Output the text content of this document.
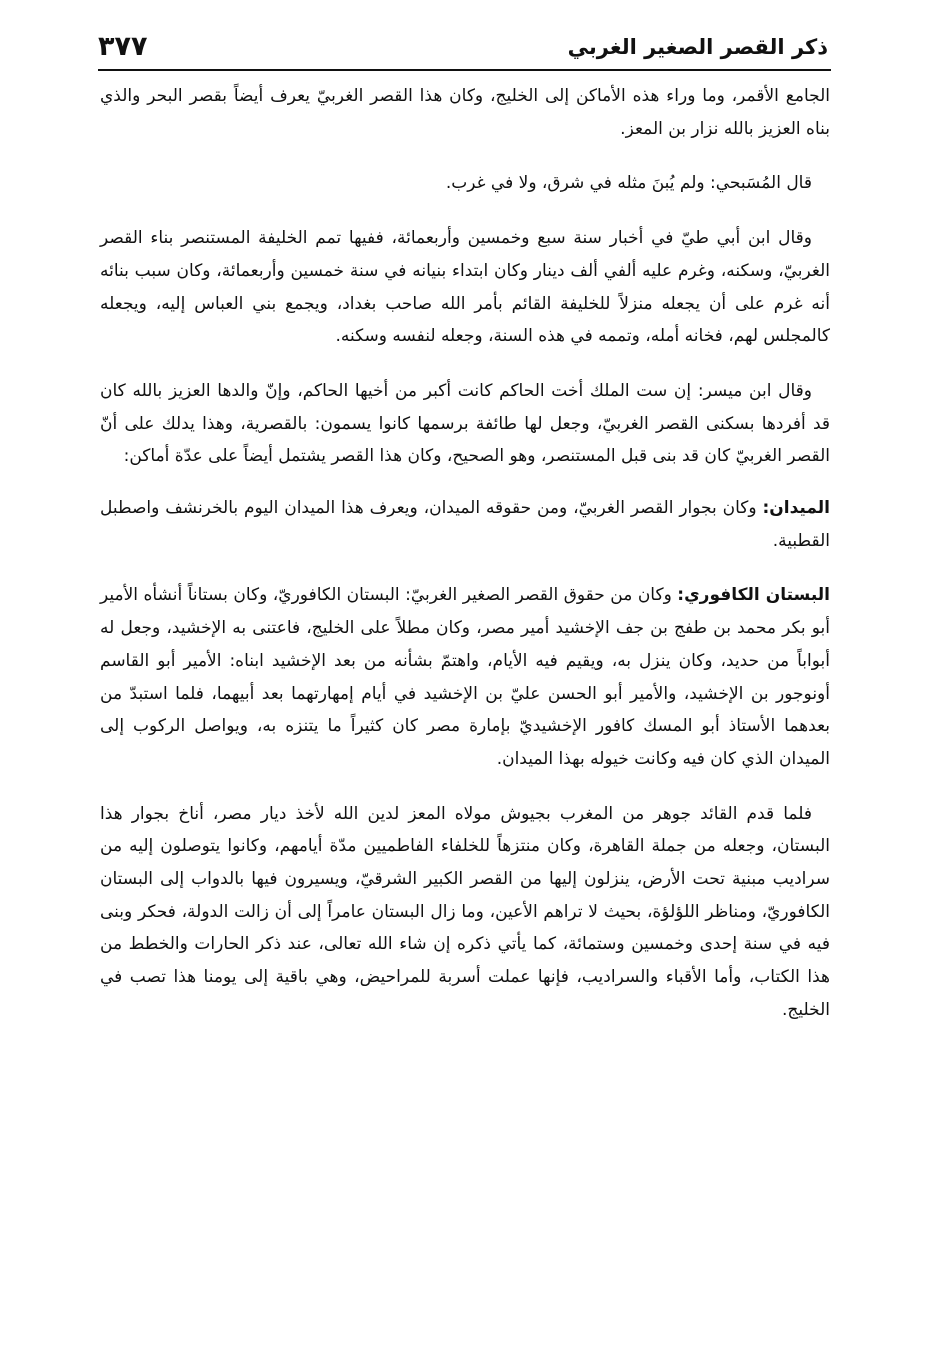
٣٧٧	ذكر القصر الصغير الغربي

الجامع الأقمر، وما وراء هذه الأماكن إلى الخليج، وكان هذا القصر الغربيّ يعرف أيضاً بقصر البحر والذي بناه العزيز بالله نزار بن المعز.

قال المُسَبحي: ولم يُبنَ مثله في شرق، ولا في غرب.

وقال ابن أبي طيّ في أخبار سنة سبع وخمسين وأربعمائة، ففيها تمم الخليفة المستنصر بناء القصر الغربيّ، وسكنه، وغرم عليه ألفي ألف دينار وكان ابتداء بنيانه في سنة خمسين وأربعمائة، وكان سبب بنائه أنه غرم على أن يجعله منزلاً للخليفة القائم بأمر الله صاحب بغداد، ويجمع بني العباس إليه، ويجعله كالمجلس لهم، فخانه أمله، وتممه في هذه السنة، وجعله لنفسه وسكنه.

وقال ابن ميسر: إن ست الملك أخت الحاكم كانت أكبر من أخيها الحاكم، وإنّ والدها العزيز بالله كان قد أفردها بسكنى القصر الغربيّ، وجعل لها طائفة برسمها كانوا يسمون: بالقصرية، وهذا يدلك على أنّ القصر الغربيّ كان قد بنى قبل المستنصر، وهو الصحيح، وكان هذا القصر يشتمل أيضاً على عدّة أماكن:

الميدان: وكان بجوار القصر الغربيّ، ومن حقوقه الميدان، ويعرف هذا الميدان اليوم بالخرنشف واصطبل القطبية.

البستان الكافوري: وكان من حقوق القصر الصغير الغربيّ: البستان الكافوريّ، وكان بستاناً أنشأه الأمير أبو بكر محمد بن طفج بن جف الإخشيد أمير مصر، وكان مطلاً على الخليج، فاعتنى به الإخشيد، وجعل له أبواباً من حديد، وكان ينزل به، ويقيم فيه الأيام، واهتمّ بشأنه من بعد الإخشيد ابناه: الأمير أبو القاسم أونوجور بن الإخشيد، والأمير أبو الحسن عليّ بن الإخشيد في أيام إمهارتهما بعد أبيهما، فلما استبدّ من بعدهما الأستاذ أبو المسك كافور الإخشيديّ بإمارة مصر كان كثيراً ما يتنزه به، ويواصل الركوب إلى الميدان الذي كان فيه وكانت خيوله بهذا الميدان.

فلما قدم القائد جوهر من المغرب بجيوش مولاه المعز لدين الله لأخذ ديار مصر، أناخ بجوار هذا البستان، وجعله من جملة القاهرة، وكان منتزهاً للخلفاء الفاطميين مدّة أيامهم، وكانوا يتوصلون إليه من سراديب مبنية تحت الأرض، ينزلون إليها من القصر الكبير الشرقيّ، ويسيرون فيها بالدواب إلى البستان الكافوريّ، ومناظر اللؤلؤة، بحيث لا تراهم الأعين، وما زال البستان عامراً إلى أن زالت الدولة، فحكر وبنى فيه في سنة إحدى وخمسين وستمائة، كما يأتي ذكره إن شاء الله تعالى، عند ذكر الحارات والخطط من هذا الكتاب، وأما الأقباء والسراديب، فإنها عملت أسربة للمراحيض، وهي باقية إلى يومنا هذا تصب في الخليج.
